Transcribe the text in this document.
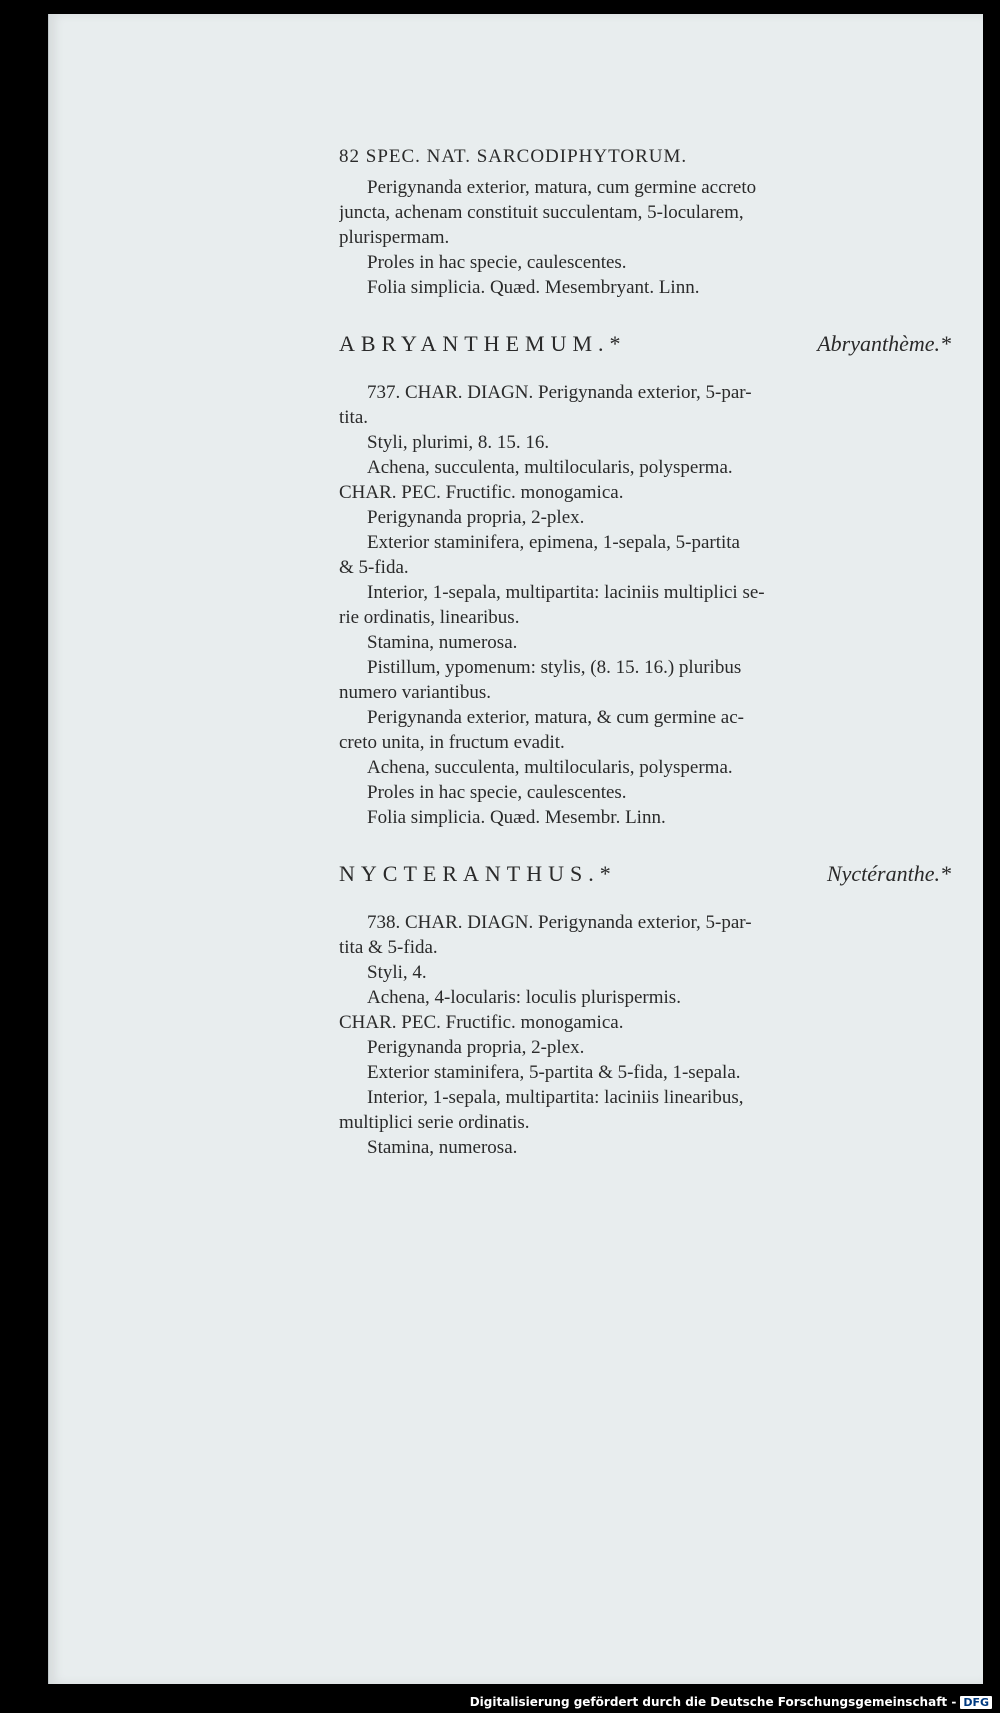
82 SPEC. NAT. SARCODIPHYTORUM.
Perigynanda exterior, matura, cum germine accreto
juncta, achenam constituit succulentam, 5-locularem,
plurispermam.
Proles in hac specie, caulescentes.
Folia simplicia. Quæd. Mesembryant. Linn.
ABRYANTHEMUM.*	Abryanthème.*
737. CHAR. DIAGN. Perigynanda exterior, 5-par-
tita.
Styli, plurimi, 8. 15. 16.
Achena, succulenta, multilocularis, polysperma.
CHAR. PEC. Fructific. monogamica.
Perigynanda propria, 2-plex.
Exterior staminifera, epimena, 1-sepala, 5-partita
& 5-fida.
Interior, 1-sepala, multipartita: laciniis multiplici se-
rie ordinatis, linearibus.
Stamina, numerosa.
Pistillum, ypomenum: stylis, (8. 15. 16.) pluribus
numero variantibus.
Perigynanda exterior, matura, & cum germine ac-
creto unita, in fructum evadit.
Achena, succulenta, multilocularis, polysperma.
Proles in hac specie, caulescentes.
Folia simplicia. Quæd. Mesembr. Linn.
NYCTERANTHUS.*	Nyctéranthe.*
738. CHAR. DIAGN. Perigynanda exterior, 5-par-
tita & 5-fida.
Styli, 4.
Achena, 4-locularis: loculis plurispermis.
CHAR. PEC. Fructific. monogamica.
Perigynanda propria, 2-plex.
Exterior staminifera, 5-partita & 5-fida, 1-sepala.
Interior, 1-sepala, multipartita: laciniis linearibus,
multiplici serie ordinatis.
Stamina, numerosa.
Digitalisierung gefördert durch die Deutsche Forschungsgemeinschaft - DFG
